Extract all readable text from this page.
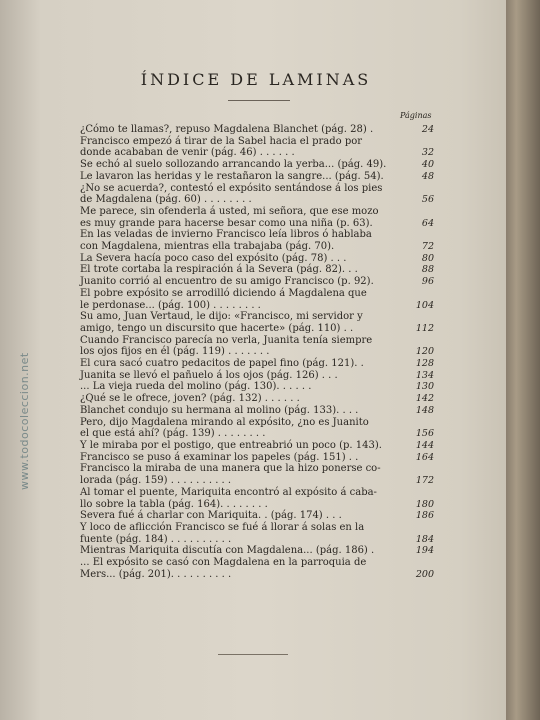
www.todocoleccion.net
ÍNDICE DE LAMINAS
Páginas
¿Cómo te llamas?, repuso Magdalena Blanchet (pág. 28) .	24
Francisco empezó á tirar de la Sabel hacia el prado por
donde acababan de venir (pág. 46) . . . . . .	32
Se echó al suelo sollozando arrancando la yerba... (pág. 49).	40
Le lavaron las heridas y le restañaron la sangre... (pág. 54).	48
¿No se acuerda?, contestó el expósito sentándose á los pies
de Magdalena (pág. 60) . . . . . . . .	56
Me parece, sin ofenderla á usted, mi señora, que ese mozo
es muy grande para hacerse besar como una niña (p. 63).	64
En las veladas de invierno Francisco leía libros ó hablaba
con Magdalena, mientras ella trabajaba (pág. 70).	72
La Severa hacía poco caso del expósito (pág. 78) . . .	80
El trote cortaba la respiración á la Severa (pág. 82). . .	88
Juanito corrió al encuentro de su amigo Francisco (p. 92).	96
El pobre expósito se arrodilló diciendo á Magdalena que
le perdonase... (pág. 100) . . . . . . . .	104
Su amo, Juan Vertaud, le dijo: «Francisco, mi servidor y
amigo, tengo un discursito que hacerte» (pág. 110) . .	112
Cuando Francisco parecía no verla, Juanita tenía siempre
los ojos fijos en él (pág. 119) . . . . . . .	120
El cura sacó cuatro pedacitos de papel fino (pág. 121). .	128
Juanita se llevó el pañuelo á los ojos (pág. 126) . . .	134
... La vieja rueda del molino (pág. 130). . . . . .	130
¿Qué se le ofrece, joven? (pág. 132) . . . . . .	142
Blanchet condujo su hermana al molino (pág. 133). . . .	148
Pero, dijo Magdalena mirando al expósito, ¿no es Juanito
el que está ahí? (pág. 139) . . . . . . . .	156
Y le miraba por el postigo, que entreabrió un poco (p. 143).	144
Francisco se puso á examinar los papeles (pág. 151) . .	164
Francisco la miraba de una manera que la hizo ponerse co-
lorada (pág. 159) . . . . . . . . . .	172
Al tomar el puente, Mariquita encontró al expósito á caba-
llo sobre la tabla (pág. 164). . . . . . . .	180
Severa fué á charlar con Mariquita. . (pág. 174) . . .	186
Y loco de aflicción Francisco se fué á llorar á solas en la
fuente (pág. 184) . . . . . . . . . .	184
Mientras Mariquita discutía con Magdalena... (pág. 186) .	194
... El expósito se casó con Magdalena en la parroquia de
Mers... (pág. 201). . . . . . . . . .	200
